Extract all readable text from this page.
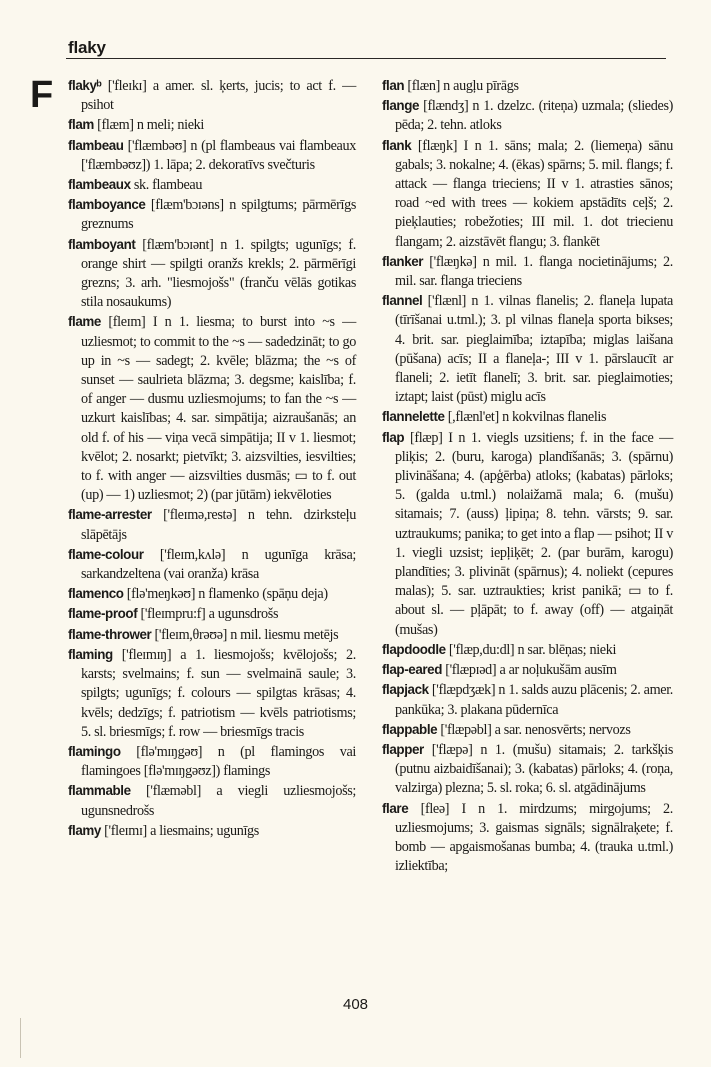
flaky
F flakyᵇ ['fleɪkɪ] a amer. sl. ķerts, jucis; to act f. — psihot

flam [flæm] n meli; nieki

flambeau ['flæmbəʊ] n (pl flambeaus vai flambeaux ['flæmbəʊz]) 1. lāpa; 2. dekoratīvs svečturis

flambeaux sk. flambeau

flamboyance [flæm'bɔɪəns] n spilgtums; pārmērīgs greznums

flamboyant [flæm'bɔɪənt] n 1. spilgts; ugunīgs; f. orange shirt — spilgti oranžs krekls; 2. pārmērīgi grezns; 3. arh. "liesmojošs" (franču vēlās gotikas stila nosaukums)

flame [fleɪm] I n 1. liesma; to burst into ~s — uzliesmot; to commit to the ~s — sadedzināt; to go up in ~s — sadegt; 2. kvēle; blāzma; the ~s of sunset — saulrieta blāzma; 3. degsme; kaislība; f. of anger — dusmu uzliesmojums; to fan the ~s — uzkurt kaislības; 4. sar. simpātija; aizraušanās; an old f. of his — viņa vecā simpātija; II v 1. liesmot; kvēlot; 2. nosarkt; pietvīkt; 3. aizsvilties, iesvilties; to f. with anger — aizsvilties dusmās; ▭ to f. out (up) — 1) uzliesmot; 2) (par jūtām) iekvēloties

flame-arrester ['fleɪmə,restə] n tehn. dzirksteļu slāpētājs

flame-colour ['fleɪm,kʌlə] n ugunīga krāsa; sarkandzeltena (vai oranža) krāsa

flamenco [flə'meŋkəʊ] n flamenko (spāņu deja)

flame-proof ['fleɪmpru:f] a ugunsdrošs

flame-thrower ['fleɪm,θrəʊə] n mil. liesmu metējs

flaming ['fleɪmɪŋ] a 1. liesmojošs; kvēlojošs; 2. karsts; svelmains; f. sun — svelmainā saule; 3. spilgts; ugunīgs; f. colours — spilgtas krāsas; 4. kvēls; dedzīgs; f. patriotism — kvēls patriotisms; 5. sl. briesmīgs; f. row — briesmīgs tracis

flamingo [flə'mɪŋgəʊ] n (pl flamingos vai flamingoes [flə'mɪŋgəʊz]) flamings

flammable ['flæməbl] a viegli uzliesmojošs; ugunsnedrošs

flamy ['fleɪmɪ] a liesmains; ugunīgs

flan [flæn] n augļu pīrāgs

flange [flændʒ] n 1. dzelzc. (riteņa) uzmala; (sliedes) pēda; 2. tehn. atloks

flank [flæŋk] I n 1. sāns; mala; 2. (liemeņa) sānu gabals; 3. nokalne; 4. (ēkas) spārns; 5. mil. flangs; f. attack — flanga trieciens; II v 1. atrasties sānos; road ~ed with trees — kokiem apstādīts ceļš; 2. pieķlauties; robežoties; III mil. 1. dot triecienu flangam; 2. aizstāvēt flangu; 3. flankēt

flanker ['flæŋkə] n mil. 1. flanga nocietinājums; 2. mil. sar. flanga trieciens

flannel ['flænl] n 1. vilnas flanelis; 2. flaneļa lupata (tīrīšanai u.tml.); 3. pl vilnas flaneļa sporta bikses; 4. brit. sar. pieglaimība; iztapība; miglas laišana (pūšana) acīs; II a flaneļa-; III v 1. pārslaucīt ar flaneli; 2. ietīt flanelī; 3. brit. sar. pieglaimoties; iztapt; laist (pūst) miglu acīs

flannelette [,flænl'et] n kokvilnas flanelis

flap [flæp] I n 1. viegls uzsitiens; f. in the face — pliķis; 2. (buru, karoga) plandīšanās; 3. (spārnu) plivināšana; 4. (apģērba) atloks; (kabatas) pārloks; 5. (galda u.tml.) nolaižamā mala; 6. (mušu) sitamais; 7. (auss) ļipiņa; 8. tehn. vārsts; 9. sar. uztraukums; panika; to get into a flap — psihot; II v 1. viegli uzsist; iepļiķēt; 2. (par burām, karogu) plandīties; 3. plivināt (spārnus); 4. noliekt (cepures malas); 5. sar. uztraukties; krist panikā; ▭ to f. about sl. — pļāpāt; to f. away (off) — atgaiņāt (mušas)

flapdoodle ['flæp,du:dl] n sar. blēņas; nieki

flap-eared ['flæpɪəd] a ar noļukušām ausīm

flapjack ['flæpdʒæk] n 1. salds auzu plācenis; 2. amer. pankūka; 3. plakana pūdernīca

flappable ['flæpəbl] a sar. nenosvērts; nervozs

flapper ['flæpə] n 1. (mušu) sitamais; 2. tarkšķis (putnu aizbaidīšanai); 3. (kabatas) pārloks; 4. (roņa, valzirga) plezna; 5. sl. roka; 6. sl. atgādinājums

flare [fleə] I n 1. mirdzums; mirgojums; 2. uzliesmojums; 3. gaismas signāls; signālraķete; f. bomb — apgaismošanas bumba; 4. (trauka u.tml.) izliektība;

408
